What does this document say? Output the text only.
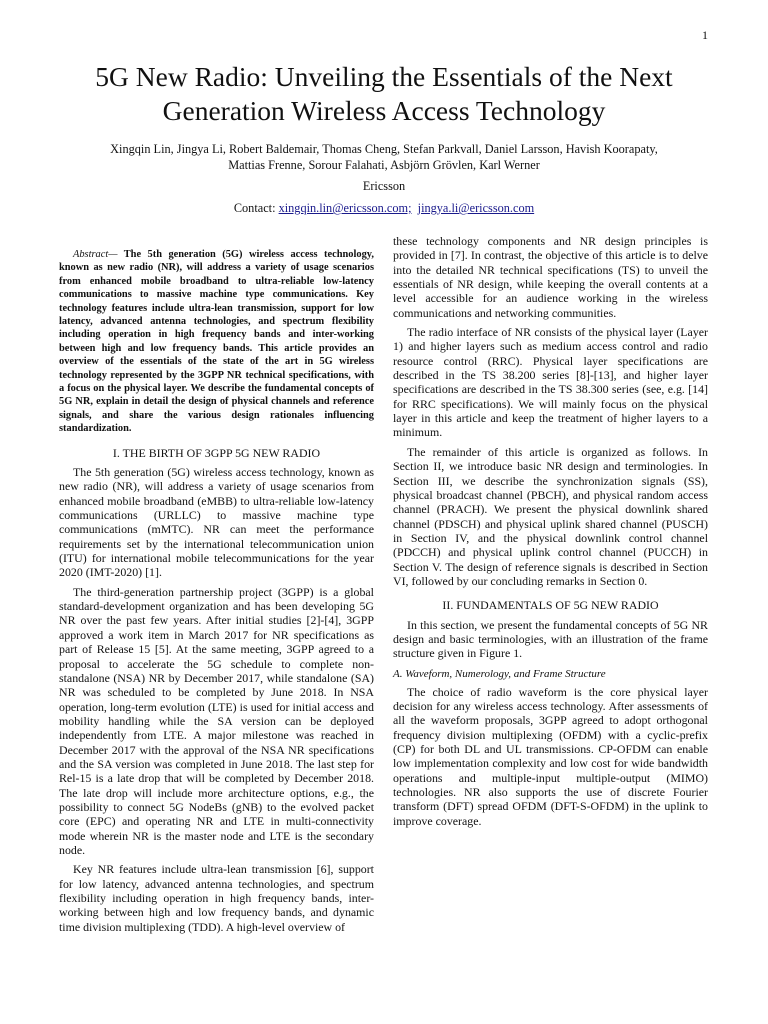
1
5G New Radio: Unveiling the Essentials of the Next Generation Wireless Access Technology
Xingqin Lin, Jingya Li, Robert Baldemair, Thomas Cheng, Stefan Parkvall, Daniel Larsson, Havish Koorapaty,
Mattias Frenne, Sorour Falahati, Asbjörn Grövlen, Karl Werner
Ericsson
Contact: xingqin.lin@ericsson.com; jingya.li@ericsson.com

Abstract— The 5th generation (5G) wireless access technology, known as new radio (NR), will address a variety of usage scenarios from enhanced mobile broadband to ultra-reliable low-latency communications to massive machine type communications. Key technology features include ultra-lean transmission, support for low latency, advanced antenna technologies, and spectrum flexibility including operation in high frequency bands and inter-working between high and low frequency bands. This article provides an overview of the essentials of the state of the art in 5G wireless technology represented by the 3GPP NR technical specifications, with a focus on the physical layer. We describe the fundamental concepts of 5G NR, explain in detail the design of physical channels and reference signals, and share the various design rationales influencing standardization.

I. THE BIRTH OF 3GPP 5G NEW RADIO

The 5th generation (5G) wireless access technology, known as new radio (NR), will address a variety of usage scenarios from enhanced mobile broadband (eMBB) to ultra-reliable low-latency communications (URLLC) to massive machine type communications (mMTC). NR can meet the performance requirements set by the international telecommunication union (ITU) for international mobile telecommunications for the year 2020 (IMT-2020) [1].

The third-generation partnership project (3GPP) is a global standard-development organization and has been developing 5G NR over the past few years. After initial studies [2]-[4], 3GPP approved a work item in March 2017 for NR specifications as part of Release 15 [5]. At the same meeting, 3GPP agreed to a proposal to accelerate the 5G schedule to complete non-standalone (NSA) NR by December 2017, while standalone (SA) NR was scheduled to be completed by June 2018. In NSA operation, long-term evolution (LTE) is used for initial access and mobility handling while the SA version can be deployed independently from LTE. A major milestone was reached in December 2017 with the approval of the NSA NR specifications and the SA version was completed in June 2018. The last step for Rel-15 is a late drop that will be completed by December 2018. The late drop will include more architecture options, e.g., the possibility to connect 5G NodeBs (gNB) to the evolved packet core (EPC) and operating NR and LTE in multi-connectivity mode wherein NR is the master node and LTE is the secondary node.

Key NR features include ultra-lean transmission [6], support for low latency, advanced antenna technologies, and spectrum flexibility including operation in high frequency bands, inter-working between high and low frequency bands, and dynamic time division multiplexing (TDD). A high-level overview of

these technology components and NR design principles is provided in [7]. In contrast, the objective of this article is to delve into the detailed NR technical specifications (TS) to unveil the essentials of NR design, while keeping the overall contents at a level accessible for an audience working in the wireless communications and networking communities.

The radio interface of NR consists of the physical layer (Layer 1) and higher layers such as medium access control and radio resource control (RRC). Physical layer specifications are described in the TS 38.200 series [8]-[13], and higher layer specifications are described in the TS 38.300 series (see, e.g. [14] for RRC specifications). We will mainly focus on the physical layer in this article and keep the treatment of higher layers to a minimum.

The remainder of this article is organized as follows. In Section II, we introduce basic NR design and terminologies. In Section III, we describe the synchronization signals (SS), physical broadcast channel (PBCH), and physical random access channel (PRACH). We present the physical downlink shared channel (PDSCH) and physical uplink shared channel (PUSCH) in Section IV, and the physical downlink control channel (PDCCH) and physical uplink control channel (PUCCH) in Section V. The design of reference signals is described in Section VI, followed by our concluding remarks in Section 0.

II. FUNDAMENTALS OF 5G NEW RADIO

In this section, we present the fundamental concepts of 5G NR design and basic terminologies, with an illustration of the frame structure given in Figure 1.

A. Waveform, Numerology, and Frame Structure

The choice of radio waveform is the core physical layer decision for any wireless access technology. After assessments of all the waveform proposals, 3GPP agreed to adopt orthogonal frequency division multiplexing (OFDM) with a cyclic-prefix (CP) for both DL and UL transmissions. CP-OFDM can enable low implementation complexity and low cost for wide bandwidth operations and multiple-input multiple-output (MIMO) technologies. NR also supports the use of discrete Fourier transform (DFT) spread OFDM (DFT-S-OFDM) in the uplink to improve coverage.
